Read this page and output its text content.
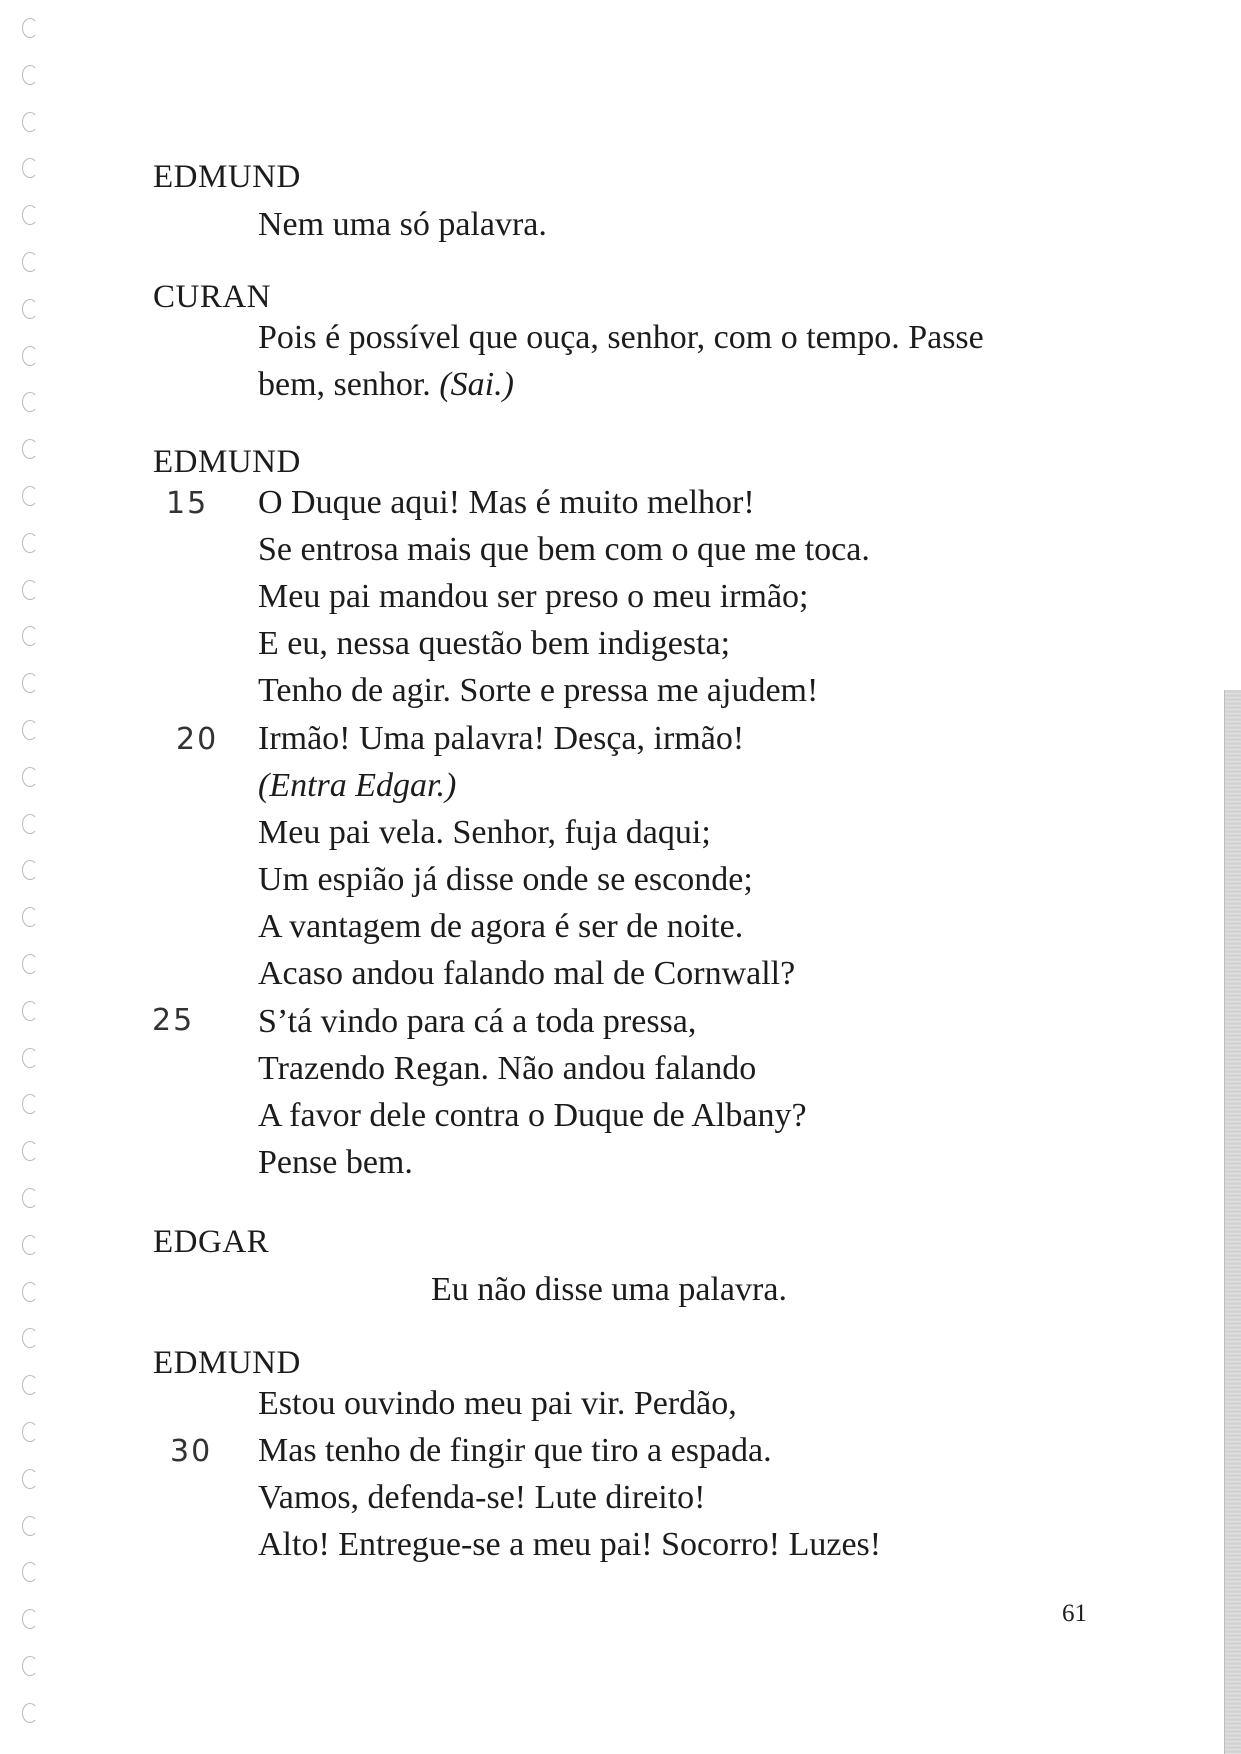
EDMUND
Nem uma só palavra.
CURAN
Pois é possível que ouça, senhor, com o tempo. Passe
bem, senhor. (Sai.)
EDMUND
O Duque aqui! Mas é muito melhor!
Se entrosa mais que bem com o que me toca.
Meu pai mandou ser preso o meu irmão;
E eu, nessa questão bem indigesta;
Tenho de agir. Sorte e pressa me ajudem!
Irmão! Uma palavra! Desça, irmão!
(Entra Edgar.)
Meu pai vela. Senhor, fuja daqui;
Um espião já disse onde se esconde;
A vantagem de agora é ser de noite.
Acaso andou falando mal de Cornwall?
S’tá vindo para cá a toda pressa,
Trazendo Regan. Não andou falando
A favor dele contra o Duque de Albany?
Pense bem.
EDGAR
Eu não disse uma palavra.
EDMUND
Estou ouvindo meu pai vir. Perdão,
Mas tenho de fingir que tiro a espada.
Vamos, defenda-se! Lute direito!
Alto! Entregue-se a meu pai! Socorro! Luzes!
15
20
25
30
61
